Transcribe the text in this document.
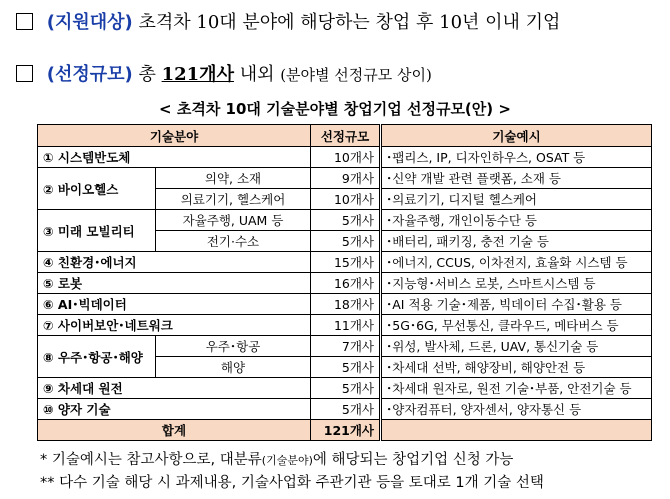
(지원대상) 초격차 10대 분야에 해당하는 창업 후 10년 이내 기업
(선정규모) 총 121개사 내외 (분야별 선정규모 상이)
< 초격차 10대 기술분야별 창업기업 선정규모(안) >
기술분야		선정규모	기술예시
① 시스템반도체		10개사	･팹리스, IP, 디자인하우스, OSAT 등
② 바이오헬스	의약, 소재	9개사	･신약 개발 관련 플랫폼, 소재 등
	의료기기, 헬스케어	10개사	･의료기기, 디지털 헬스케어
③ 미래 모빌리티	자율주행, UAM 등	5개사	･자율주행, 개인이동수단 등
	전기·수소	5개사	･배터리, 패키징, 충전 기술 등
④ 친환경･에너지		15개사	･에너지, CCUS, 이차전지, 효율화 시스템 등
⑤ 로봇		16개사	･지능형･서비스 로봇, 스마트시스템 등
⑥ AI･빅데이터		18개사	･AI 적용 기술･제품, 빅데이터 수집･활용 등
⑦ 사이버보안･네트워크		11개사	･5G･6G, 무선통신, 클라우드, 메타버스 등
⑧ 우주･항공･해양	우주･항공	7개사	･위성, 발사체, 드론, UAV, 통신기술 등
	해양	5개사	･차세대 선박, 해양장비, 해양안전 등
⑨ 차세대 원전		5개사	･차세대 원자로, 원전 기술･부품, 안전기술 등
⑩ 양자 기술		5개사	･양자컴퓨터, 양자센서, 양자통신 등
합계		121개사	
* 기술예시는 참고사항으로, 대분류(기술분야)에 해당되는 창업기업 신청 가능
** 다수 기술 해당 시 과제내용, 기술사업화 주관기관 등을 토대로 1개 기술 선택
